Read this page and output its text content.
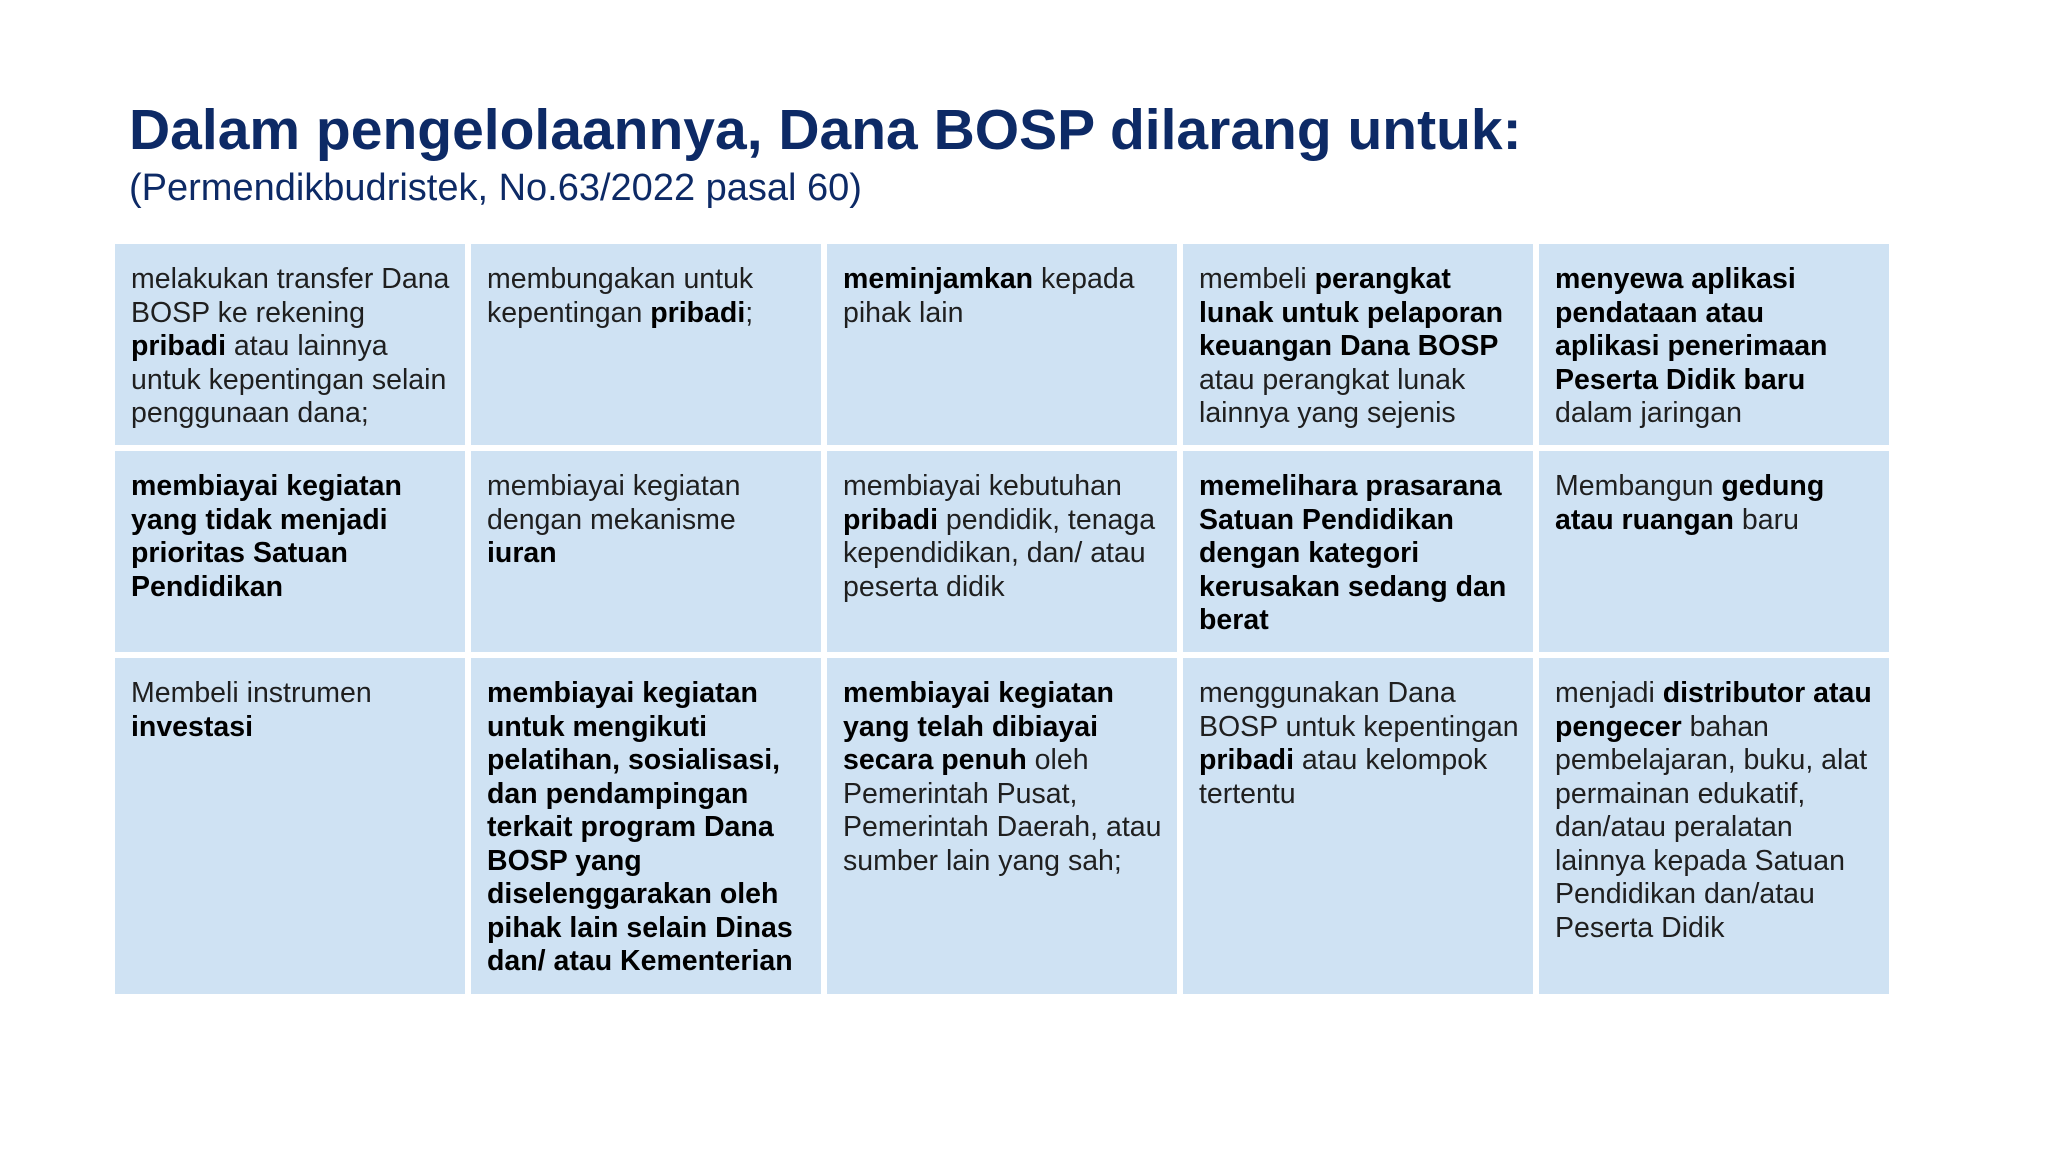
Dalam pengelolaannya, Dana BOSP dilarang untuk:

(Permendikbudristek, No.63/2022 pasal 60)

melakukan transfer Dana BOSP ke rekening pribadi atau lainnya untuk kepentingan selain penggunaan dana;
membungakan untuk kepentingan pribadi;
meminjamkan kepada pihak lain
membeli perangkat lunak untuk pelaporan keuangan Dana BOSP atau perangkat lunak lainnya yang sejenis
menyewa aplikasi pendataan atau aplikasi penerimaan Peserta Didik baru dalam jaringan
membiayai kegiatan yang tidak menjadi prioritas Satuan Pendidikan
membiayai kegiatan dengan mekanisme iuran
membiayai kebutuhan pribadi pendidik, tenaga kependidikan, dan/ atau peserta didik
memelihara prasarana Satuan Pendidikan dengan kategori kerusakan sedang dan berat
Membangun gedung atau ruangan baru
Membeli instrumen investasi
membiayai kegiatan untuk mengikuti pelatihan, sosialisasi, dan pendampingan terkait program Dana BOSP yang diselenggarakan oleh pihak lain selain Dinas dan/ atau Kementerian
membiayai kegiatan yang telah dibiayai secara penuh oleh Pemerintah Pusat, Pemerintah Daerah, atau sumber lain yang sah;
menggunakan Dana BOSP untuk kepentingan pribadi atau kelompok tertentu
menjadi distributor atau pengecer bahan pembelajaran, buku, alat permainan edukatif, dan/atau peralatan lainnya kepada Satuan Pendidikan dan/atau Peserta Didik
